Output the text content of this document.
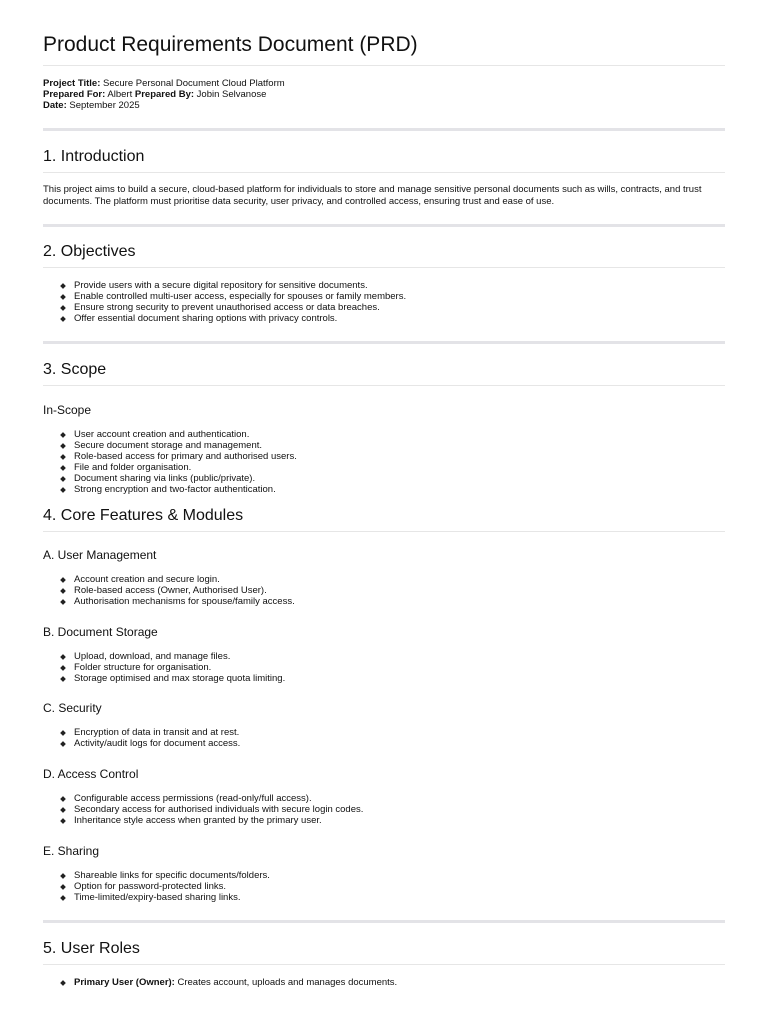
Product Requirements Document (PRD)
Project Title: Secure Personal Document Cloud Platform
Prepared For: Albert Prepared By: Jobin Selvanose
Date: September 2025
1. Introduction

This project aims to build a secure, cloud-based platform for individuals to store and manage sensitive personal documents such as wills, contracts, and trust documents. The platform must prioritise data security, user privacy, and controlled access, ensuring trust and ease of use.

2. Objectives
Provide users with a secure digital repository for sensitive documents.
Enable controlled multi-user access, especially for spouses or family members.
Ensure strong security to prevent unauthorised access or data breaches.
Offer essential document sharing options with privacy controls.
3. Scope
In-Scope
User account creation and authentication.
Secure document storage and management.
Role-based access for primary and authorised users.
File and folder organisation.
Document sharing via links (public/private).
Strong encryption and two-factor authentication.
4. Core Features & Modules
A. User Management
Account creation and secure login.
Role-based access (Owner, Authorised User).
Authorisation mechanisms for spouse/family access.
B. Document Storage
Upload, download, and manage files.
Folder structure for organisation.
Storage optimised and max storage quota limiting.
C. Security
Encryption of data in transit and at rest.
Activity/audit logs for document access.
D. Access Control
Configurable access permissions (read-only/full access).
Secondary access for authorised individuals with secure login codes.
Inheritance style access when granted by the primary user.
E. Sharing
Shareable links for specific documents/folders.
Option for password-protected links.
Time-limited/expiry-based sharing links.
5. User Roles
Primary User (Owner): Creates account, uploads and manages documents.
